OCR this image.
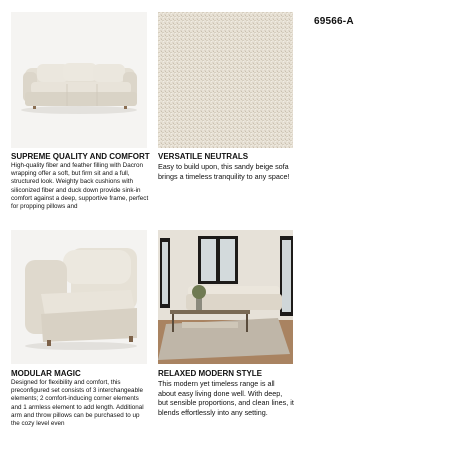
69566-A
SUPREME QUALITY AND COMFORT
High-quality fiber and feather filling with Dacron wrapping offer a soft, but firm sit and a full, structured look. Weighty back cushions with siliconized fiber and duck down provide sink-in comfort against a deep, supportive frame, perfect for propping pillows and
VERSATILE NEUTRALS
Easy to build upon, this sandy beige sofa brings a timeless tranquility to any space!
MODULAR MAGIC
Designed for flexibility and comfort, this preconfigured set consists of 3 interchangeable elements; 2 comfort-inducing corner elements and 1 armless element to add length. Additional arm and throw pillows can be purchased to up the cozy level even
RELAXED MODERN STYLE
This modern yet timeless range is all about easy living done well. With deep, but sensible proportions, and clean lines, it blends effortlessly into any setting.
